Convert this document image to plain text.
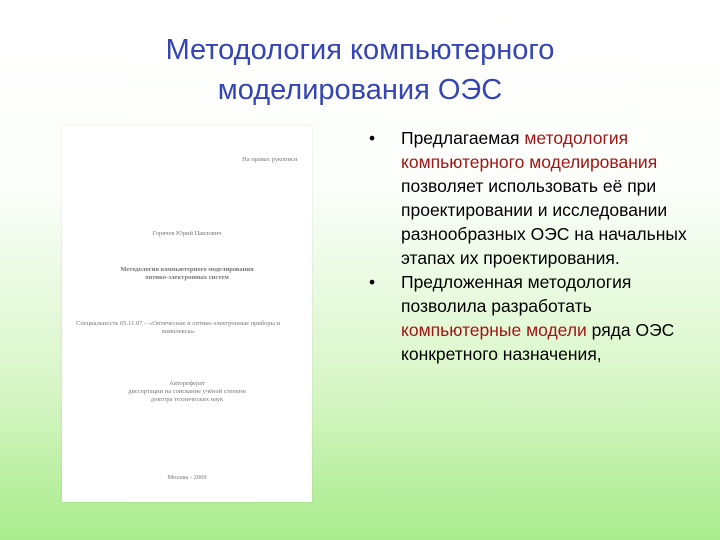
Методология компьютерного
моделирования ОЭС
На правах рукописи
Горячев Юрий Павлович
Методология компьютерного моделирования
оптико-электронных систем
Специальность 05.11.07 – «Оптические и оптико-электронные приборы и
комплексы»
Автореферат
диссертации на соискание учёной степени
доктора технических наук
Москва - 2009
• Предлагаемая методология компьютерного моделирования позволяет использовать её при проектировании и исследовании разнообразных ОЭС на начальных этапах их проектирования.
• Предложенная методология позволила разработать компьютерные модели ряда ОЭС конкретного назначения,
